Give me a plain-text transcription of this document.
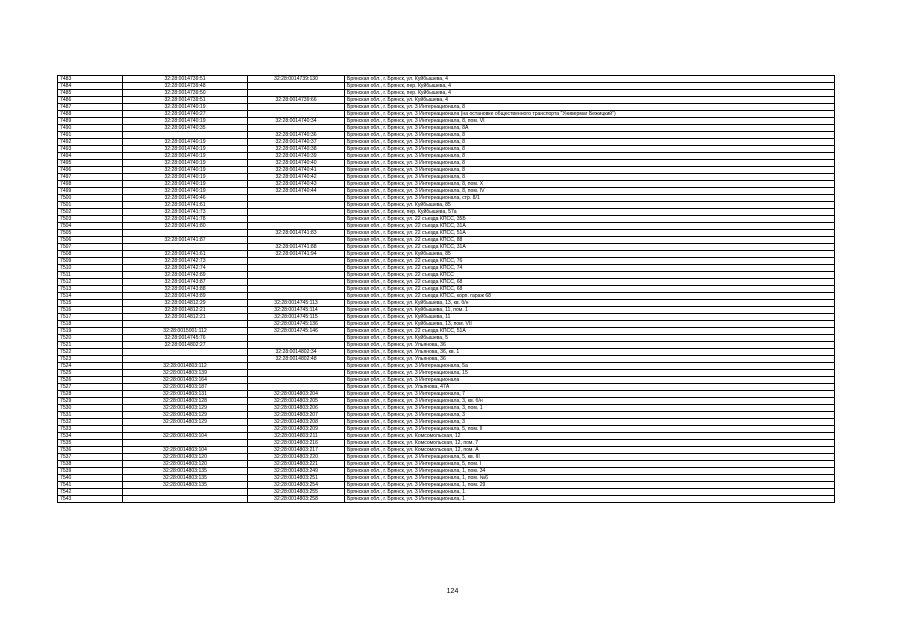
7483	32:28:0014739:51	32:28:0014739:130	Брянская обл., г. Брянск, ул. Куйбышева, 4
7484	32:28:0014739:48		Брянская обл., г. Брянск, пер. Куйбышева, 4
7485	32:28:0014739:50		Брянская обл., г. Брянск, пер. Куйбышева, 4
7486	32:28:0014739:51	32:28:0014739:66	Брянская обл., г. Брянск, ул. Куйбышева, 4
7487	32:28:0014740:19		Брянская обл., г. Брянск, ул. 3 Интернационала, 8
7488	32:28:0014740:27		Брянская обл., г. Брянск, ул. 3 Интернационала (на остановке общественного транспорта "Универмаг Бежицкий")
7489	32:28:0014740:19	32:28:0014740:34	Брянская обл., г. Брянск, ул. 3 Интернационала, 8, пом. VI
7490	32:28:0014740:35		Брянская обл., г. Брянск, ул. 3 Интернационала, 8А
7491		32:28:0014740:36	Брянская обл., г. Брянск, ул. 3 Интернационала, 8
7492	32:28:0014740:19	32:28:0014740:37	Брянская обл., г. Брянск, ул. 3 Интернационала, 8
7493	32:28:0014740:19	32:28:0014740:38	Брянская обл., г. Брянск, ул. 3 Интернационала, 8
7494	32:28:0014740:19	32:28:0014740:39	Брянская обл., г. Брянск, ул. 3 Интернационала, 8
7495	32:28:0014740:19	32:28:0014740:40	Брянская обл., г. Брянск, ул. 3 Интернационала, 8
7496	32:28:0014740:19	32:28:0014740:41	Брянская обл., г. Брянск, ул. 3 Интернационала, 8
7497	32:28:0014740:19	32:28:0014740:42	Брянская обл., г. Брянск, ул. 3 Интернационала, 8
7498	32:28:0014740:19	32:28:0014740:43	Брянская обл., г. Брянск, ул. 3 Интернационала, 8, пом. X
7499	32:28:0014740:19	32:28:0014740:44	Брянская обл., г. Брянск, ул. 3 Интернационала, 8, пом. IV
7500	32:28:0014740:46		Брянская обл., г. Брянск, ул. 3 Интернационала, стр. 8/1
7501	32:28:0014741:61		Брянская обл., г. Брянск, ул. Куйбышева, 85
7502	32:28:0014741:73		Брянская обл., г. Брянск, пер. Куйбышева, 57а
7503	32:28:0014741:78		Брянская обл., г. Брянск, ул. 22 съезда КПСС, 35Б
7504	32:28:0014741:80		Брянская обл., г. Брянск, ул. 22 съезда КПСС, 31А
7505		32:28:0014741:83	Брянская обл., г. Брянск, ул. 22 съезда КПСС, 51А
7506	32:28:0014741:87		Брянская обл., г. Брянск, ул. 22 съезда КПСС, 88
7507		32:28:0014741:88	Брянская обл., г. Брянск, ул. 22 съезда КПСС, 31А
7508	32:28:0014741:61	32:28:0014741:94	Брянская обл., г. Брянск, ул. Куйбышева, 85
7509	32:28:0014742:73		Брянская обл., г. Брянск, ул. 22 съезда КПСС, 76
7510	32:28:0014742:74		Брянская обл., г. Брянск, ул. 22 съезда КПСС, 74
7511	32:28:0014742:89		Брянская обл., г. Брянск, ул. 22 съезда КПСС
7512	32:28:0014743:87		Брянская обл., г. Брянск, ул. 22 съезда КПСС, 68
7513	32:28:0014743:88		Брянская обл., г. Брянск, ул. 22 съезда КПСС, 68
7514	32:28:0014743:89		Брянская обл., г. Брянск, ул. 22 съезда КПСС, корп. гараж 68
7515	32:28:0014812:29	32:28:0014745:113	Брянская обл., г. Брянск, ул. Куйбышева, 13, кв. б/н
7516	32:28:0014812:21	32:28:0014745:114	Брянская обл., г. Брянск, ул. Куйбышева, 11, пом. 1
7517	32:28:0014812:21	32:28:0014745:115	Брянская обл., г. Брянск, ул. Куйбышева, 11
7518		32:28:0014745:136	Брянская обл., г. Брянск, ул. Куйбышева, 13, пом. VII
7519	32:28:0015001:112	32:28:0014745:146	Брянская обл., г. Брянск, ул. 22 съезда КПСС, 51А
7520	32:28:0014745:76		Брянская обл., г. Брянск, ул. Куйбышева, 5
7521	32:28:0014802:27		Брянская обл., г. Брянск, ул. Ульянова, 36
7522		32:28:0014802:34	Брянская обл., г. Брянск, ул. Ульянова, 36, кв. 1
7523		32:28:0014802:48	Брянская обл., г. Брянск, ул. Ульянова, 36
7524	32:28:0014803:112		Брянская обл., г. Брянск, ул. 3 Интернационала, 5а
7525	32:28:0014803:139		Брянская обл., г. Брянск, ул. 3 Интернационала, 15
7526	32:28:0014803:164		Брянская обл., г. Брянск, ул. 3 Интернационала
7527	32:28:0014803:187		Брянская обл., г. Брянск, ул. Ульянова, 47А
7528	32:28:0014803:131	32:28:0014803:204	Брянская обл., г. Брянск, ул. 3 Интернационала, 7
7529	32:28:0014803:128	32:28:0014803:205	Брянская обл., г. Брянск, ул. 3 Интернационала, 3, кв. б/н
7530	32:28:0014803:129	32:28:0014803:206	Брянская обл., г. Брянск, ул. 3 Интернационала, 3, пом. 1
7531	32:28:0014803:129	32:28:0014803:207	Брянская обл., г. Брянск, ул. 3 Интернационала, 3
7532	32:28:0014803:129	32:28:0014803:208	Брянская обл., г. Брянск, ул. 3 Интернационала, 3
7533		32:28:0014803:209	Брянская обл., г. Брянск, ул. 3 Интернационала, 5, пом. II
7534	32:28:0014803:104	32:28:0014803:211	Брянская обл., г. Брянск, ул. Комсомольская, 12
7535		32:28:0014803:216	Брянская обл., г. Брянск, ул. Комсомольская, 12, пом. 7
7536	32:28:0014803:104	32:28:0014803:217	Брянская обл., г. Брянск, ул. Комсомольская, 12, пом. А
7537	32:28:0014803:120	32:28:0014803:220	Брянская обл., г. Брянск, ул. 3 Интернационала, 5, кв. III
7538	32:28:0014803:120	32:28:0014803:221	Брянская обл., г. Брянск, ул. 3 Интернационала, 5, пом. I
7539	32:28:0014803:135	32:28:0014803:249	Брянская обл., г. Брянск, ул. 3 Интернационала, 1, пом. 34
7540	32:28:0014803:135	32:28:0014803:251	Брянская обл., г. Брянск, ул. 3 Интернационала, 1, пом. №6
7541	32:28:0014803:135	32:28:0014803:254	Брянская обл., г. Брянск, ул. 3 Интернационала, 1, пом. 29
7542		32:28:0014803:255	Брянская обл., г. Брянск, ул. 3 Интернационала, 1
7543		32:28:0014803:258	Брянская обл., г. Брянск, ул. 3 Интернационала, 1
124
